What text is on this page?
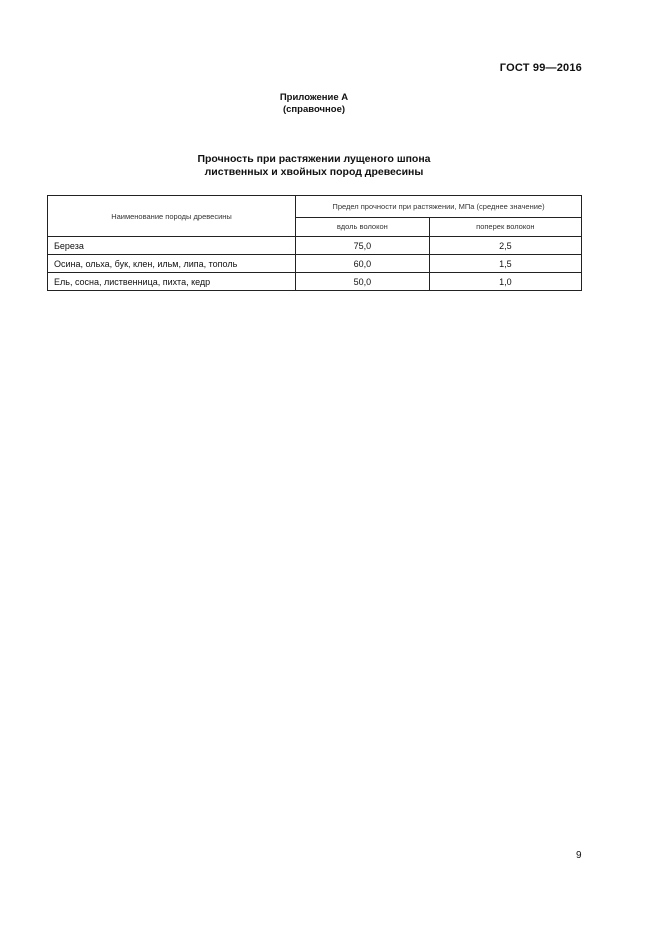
ГОСТ 99—2016
Приложение А
(справочное)
Прочность при растяжении лущеного шпона
лиственных и хвойных пород древесины
Наименование породы древесины	Предел прочности при растяжении, МПа (среднее значение)	
	вдоль волокон	поперек волокон
Береза	75,0	2,5
Осина, ольха, бук, клен, ильм, липа, тополь	60,0	1,5
Ель, сосна, лиственница, пихта, кедр	50,0	1,0
9
